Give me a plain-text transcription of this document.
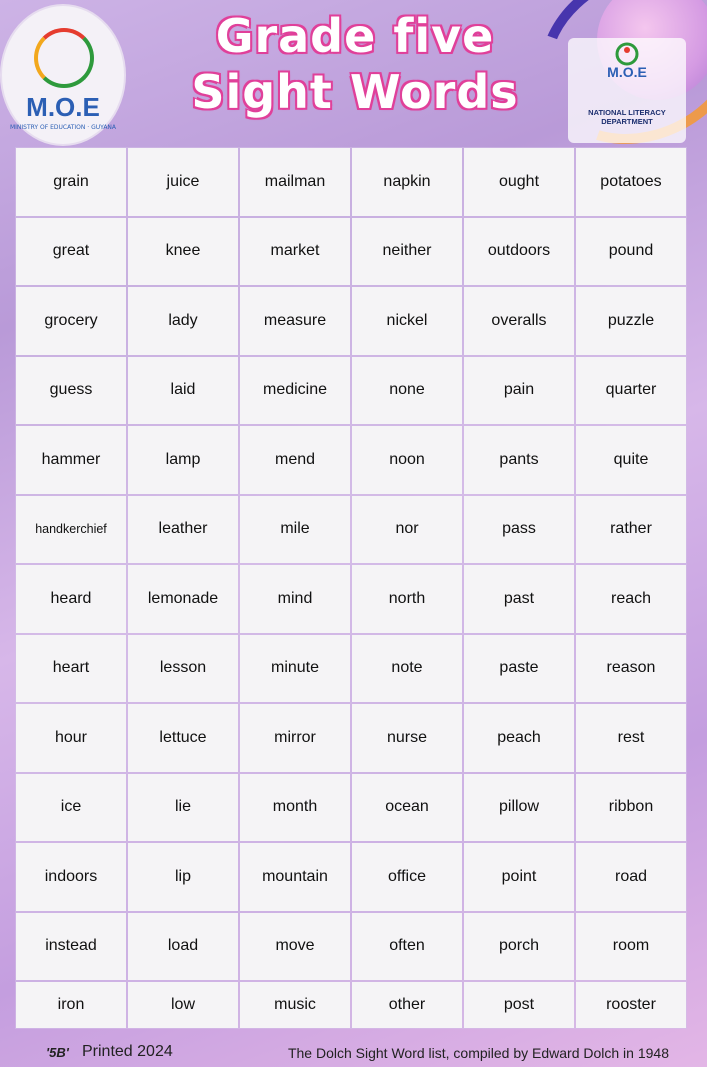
M.O.E
MINISTRY OF EDUCATION · GUYANA
Grade five
Sight Words	M.O.E
NATIONAL LITERACY DEPARTMENT
grain	juice	mailman	napkin	ought	potatoes
great	knee	market	neither	outdoors	pound
grocery	lady	measure	nickel	overalls	puzzle
guess	laid	medicine	none	pain	quarter
hammer	lamp	mend	noon	pants	quite
handkerchief	leather	mile	nor	pass	rather
heard	lemonade	mind	north	past	reach
heart	lesson	minute	note	paste	reason
hour	lettuce	mirror	nurse	peach	rest
ice	lie	month	ocean	pillow	ribbon
indoors	lip	mountain	office	point	road
instead	load	move	often	porch	room
iron	low	music	other	post	rooster
'5B' Printed 2024	The Dolch Sight Word list, compiled by Edward Dolch in 1948
